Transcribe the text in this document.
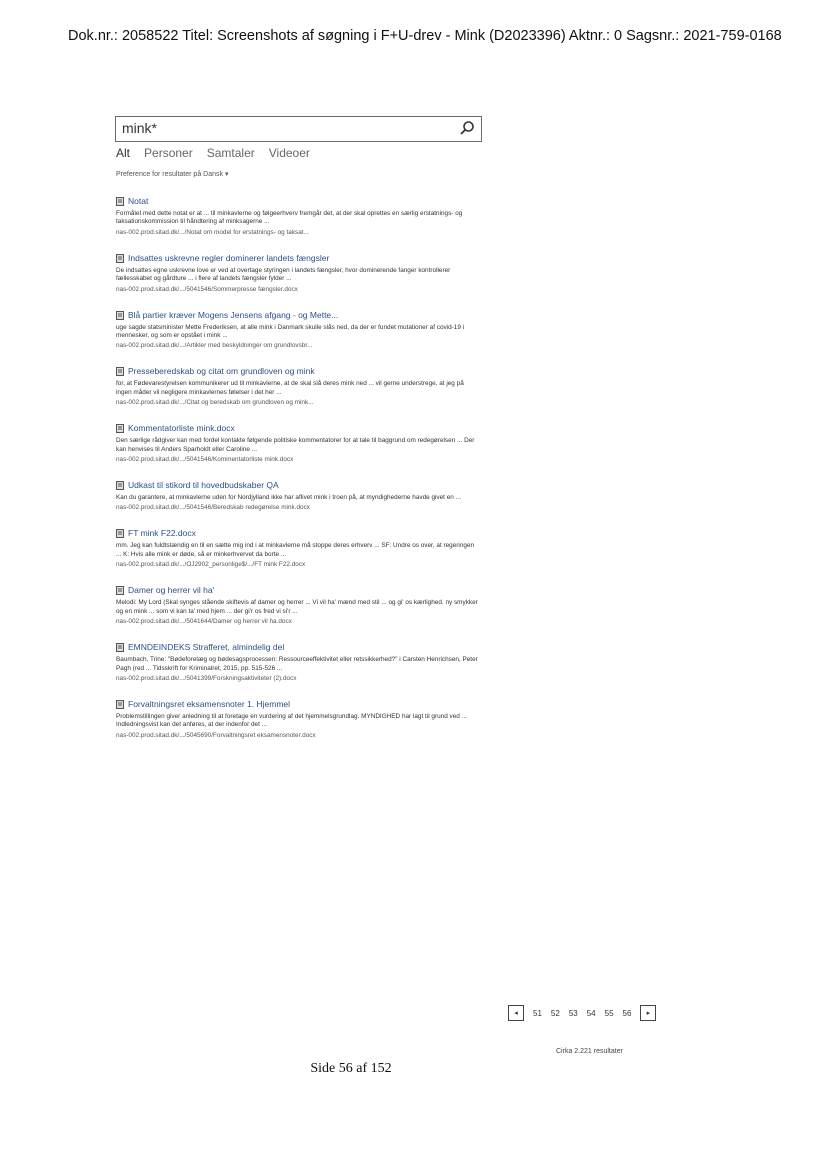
Dok.nr.: 2058522 Titel: Screenshots af søgning i F+U-drev - Mink (D2023396) Aktnr.: 0 Sagsnr.: 2021-759-0168
mink*
Alt Personer Samtaler Videoer
Preference for resultater på Dansk ▾
Notat
Formålet med dette notat er at ... til minkavlerne og følgeerhverv fremgår det, at der skal oprettes en særlig erstatnings- og taksationskommission til håndtering af minksagerne ...
nas-002.prod.sitad.dk/.../Notat om model for erstatnings- og taksat...
Indsattes uskrevne regler dominerer landets fængsler
De indsattes egne uskrevne love er ved at overtage styringen i landets fængsler, hvor dominerende fanger kontrollerer fællesskabet og gårdture ... i flere af landets fængsler fylder ...
nas-002.prod.sitad.dk/.../5041546/Sommerpresse fængsler.docx
Blå partier kræver Mogens Jensens afgang - og Mette...
uge sagde statsminister Mette Frederiksen, at alle mink i Danmark skulle slås ned, da der er fundet mutationer af covid-19 i mennesker, og som er opstået i mink ...
nas-002.prod.sitad.dk/.../Artikler med beskyldninger om grundlovsbr...
Presseberedskab og citat om grundloven og mink
for, at Fødevarestyrelsen kommunikerer ud til minkavlerne, at de skal slå deres mink ned ... vil gerne understrege, at jeg på ingen måder vil negligere minkavlernes følelser i det her ...
nas-002.prod.sitad.dk/.../Citat og beredskab om grundloven og mink...
Kommentatorliste mink.docx
Den særlige rådgiver kan med fordel kontakte følgende politiske kommentatorer for at tale til baggrund om redegørelsen ... Der kan henvises til Anders Sparholdt eller Caroline ...
nas-002.prod.sitad.dk/.../5041546/Kommentatorliste mink.docx
Udkast til stikord til hovedbudskaber QA
Kan du garantere, at minkavlerne uden for Nordjylland ikke har aflivet mink i troen på, at myndighederne havde givet en ...
nas-002.prod.sitad.dk/.../5041546/Beredskab redegørelse mink.docx
FT mink F22.docx
mm. Jeg kan fuldtstændig en til en sætte mig ind i at minkavlerne må stoppe deres erhverv ... SF: Undre os over, at regeringen ... K: Hvis alle mink er døde, så er minkerhvervet da borte ...
nas-002.prod.sitad.dk/.../OJ2902_personlige$/.../FT mink F22.docx
Damer og herrer vil ha'
Melodi: My Lord (Skal synges stående skiftevis af damer og herrer ... Vi vil ha' mænd med stil ... og gi' os kærlighed. ny smykker og en mink ... som vi kan ta' med hjem ... der gi'r os fred vi si'r ...
nas-002.prod.sitad.dk/.../5041644/Damer og herrer vil ha.docx
EMNDEINDEKS Strafferet, almindelig del
Baumbach, Trine: "Bødeforelæg og bødesagsprocessen: Ressourceeffektivitet eller retssikkerhed?" i Carsten Henrichsen, Peter Pagh (red ... Tidsskrift for Kriminalret, 2015, pp. 515-526 ...
nas-002.prod.sitad.dk/.../5041399/Forskningsaktiviteter (2).docx
Forvaltningsret eksamensnoter 1. Hjemmel
Problemstillingen giver anledning til at foretage en vurdering af det hjemmelsgrundlag. MYNDIGHED har lagt til grund ved ... Indledningsvist kan det anføres, at der indenfor det ...
nas-002.prod.sitad.dk/.../5045690/Forvaltningsret eksamensnoter.docx
◂	51 52 53 54 55 56	▸
Cirka 2.221 resultater
Side 56 af 152
